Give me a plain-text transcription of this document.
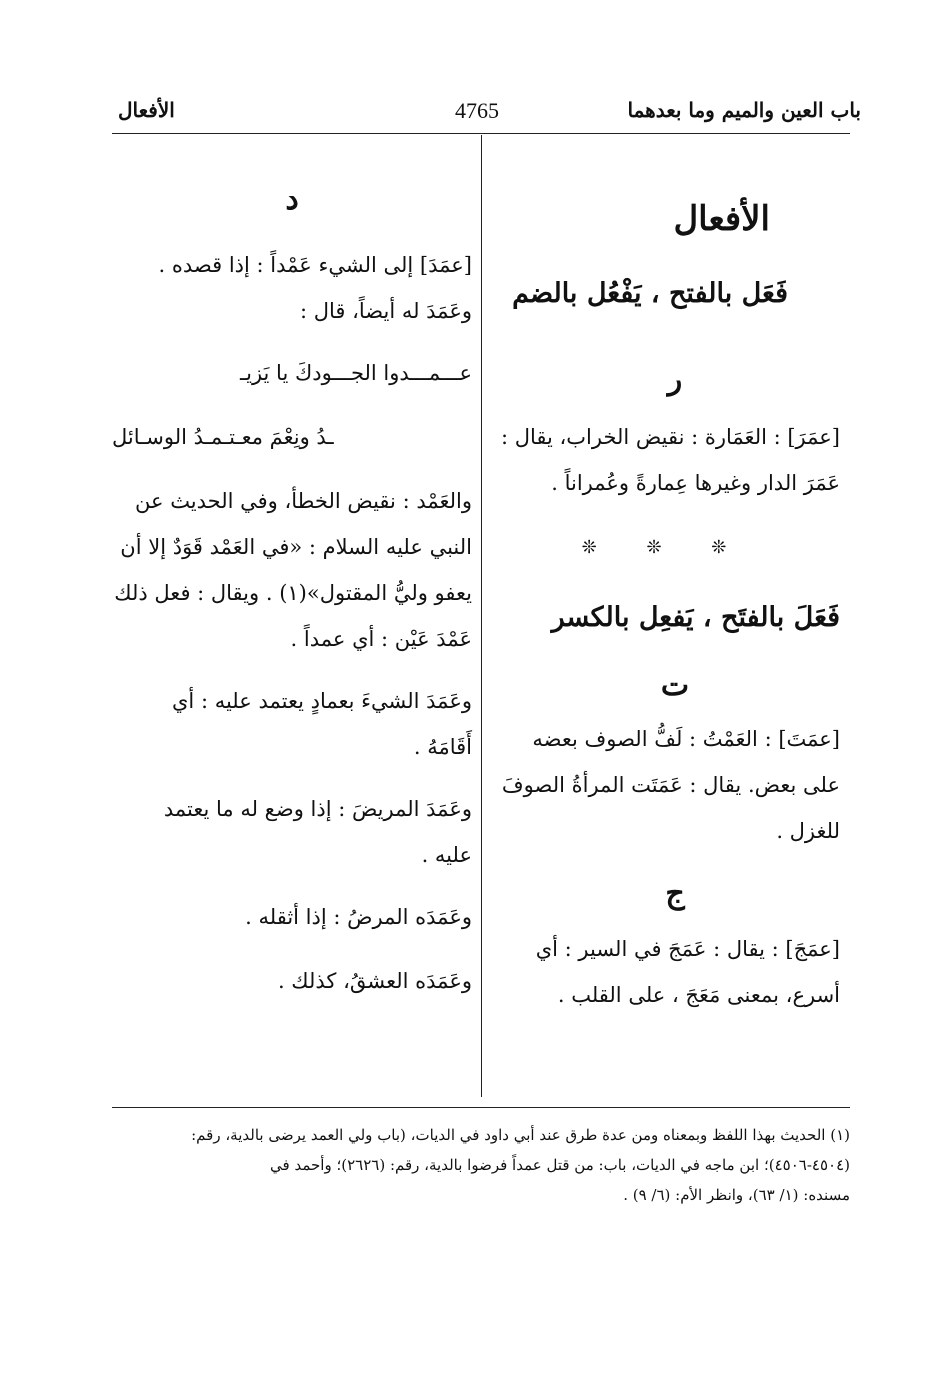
باب العين والميم وما بعدهما
4765
الأفعال
الأفعال
فَعَل بالفتح ، يَفْعُل بالضم
ر

[عمَرَ] : العَمَارة : نقيض الخراب، يقال :

عَمَرَ الدار وغيرها عِمارةً وعُمراناً .

❊ ❊ ❊
فَعَلَ بالفتَح ، يَفعِل بالكسر
ت

[عمَتَ] : العَمْتُ : لَفُّ الصوف بعضه

على بعض. يقال : عَمَتَت المرأةُ الصوفَ

للغزل .

ج

[عمَجَ] : يقال : عَمَجَ في السير : أي

أسرع، بمعنى مَعَجَ ، على القلب .

د

[عمَدَ] إلى الشيء عَمْداً : إذا قصده .

وعَمَدَ له أيضاً، قال :

عـــمـــدوا الجـــودكَ يا يَزيـ

ـدُ ونِعْمَ معـتـمـدُ الوسـائل

والعَمْد : نقيض الخطأ، وفي الحديث عن

النبي عليه السلام : «في العَمْد قَوَدٌ إلا أن

يعفو وليُّ المقتول»(١) . ويقال : فعل ذلك

عَمْدَ عَيْن : أي عمداً .

وعَمَدَ الشيءَ بعمادٍ يعتمد عليه : أي

أَقَامَهُ .

وعَمَدَ المريضَ : إذا وضع له ما يعتمد

عليه .

وعَمَدَه المرضُ : إذا أثقله .

وعَمَدَه العشقُ، كذلك .

(١) الحديث بهذا اللفظ وبمعناه ومن عدة طرق عند أبي داود في الديات، (باب ولي العمد يرضى بالدية، رقم:
(٤٥٠٤-٤٥٠٦)؛ ابن ماجه في الديات، باب: من قتل عمداً فرضوا بالدية، رقم: (٢٦٢٦)؛ وأحمد في
مسنده: (١/ ٦٣)، وانظر الأم: (٦/ ٩) .
